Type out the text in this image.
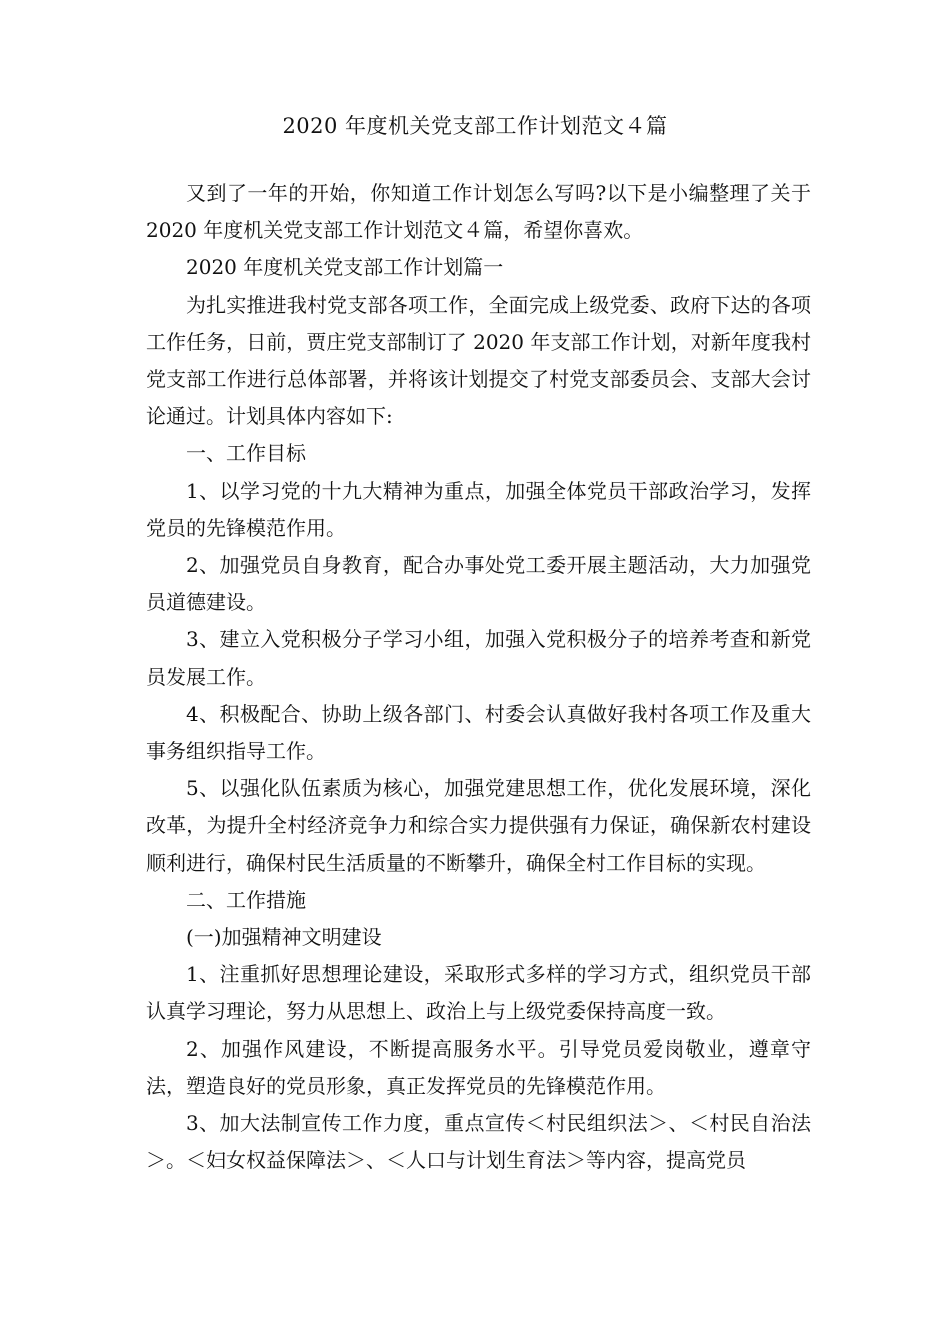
2020 年度机关党支部工作计划范文４篇

又到了一年的开始，你知道工作计划怎么写吗?以下是小编整理了关于 2020 年度机关党支部工作计划范文４篇，希望你喜欢。

2020 年度机关党支部工作计划篇一

为扎实推进我村党支部各项工作，全面完成上级党委、政府下达的各项工作任务，日前，贾庄党支部制订了 2020 年支部工作计划，对新年度我村党支部工作进行总体部署，并将该计划提交了村党支部委员会、支部大会讨论通过。计划具体内容如下:

一、工作目标

1、以学习党的十九大精神为重点，加强全体党员干部政治学习，发挥党员的先锋模范作用。

2、加强党员自身教育，配合办事处党工委开展主题活动，大力加强党员道德建设。

3、建立入党积极分子学习小组，加强入党积极分子的培养考查和新党员发展工作。

4、积极配合、协助上级各部门、村委会认真做好我村各项工作及重大事务组织指导工作。

5、以强化队伍素质为核心，加强党建思想工作，优化发展环境，深化改革，为提升全村经济竞争力和综合实力提供强有力保证，确保新农村建设顺利进行，确保村民生活质量的不断攀升，确保全村工作目标的实现。

二、工作措施

(一)加强精神文明建设

1、注重抓好思想理论建设，采取形式多样的学习方式，组织党员干部认真学习理论，努力从思想上、政治上与上级党委保持高度一致。

2、加强作风建设，不断提高服务水平。引导党员爱岗敬业，遵章守法，塑造良好的党员形象，真正发挥党员的先锋模范作用。

3、加大法制宣传工作力度，重点宣传＜村民组织法＞、＜村民自治法＞。＜妇女权益保障法＞、＜人口与计划生育法＞等内容，提高党员
